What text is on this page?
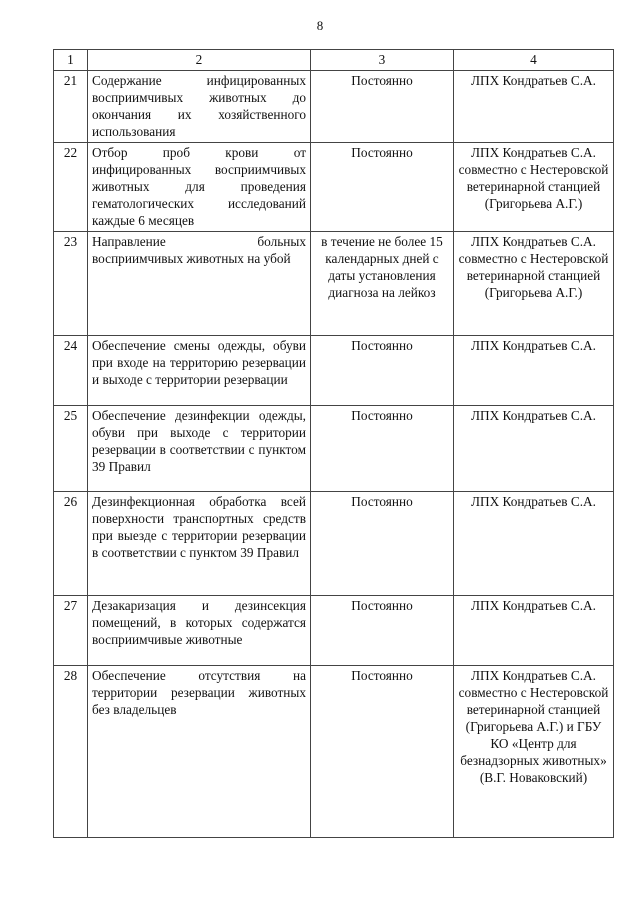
8
1	2	3	4
21	Содержание инфицированных восприимчивых животных до окончания их хозяйственного использования	Постоянно	ЛПХ Кондратьев С.А.
22	Отбор проб крови от инфицированных восприимчивых животных для проведения гематологических исследований каждые 6 месяцев	Постоянно	ЛПХ Кондратьев С.А. совместно с Нестеровской ветеринарной станцией (Григорьева А.Г.)
23	Направление больных восприимчивых животных на убой	в течение не более 15 календарных дней с даты установления диагноза на лейкоз	ЛПХ Кондратьев С.А. совместно с Нестеровской ветеринарной станцией (Григорьева А.Г.)
24	Обеспечение смены одежды, обуви при входе на территорию резервации и выходе с территории резервации	Постоянно	ЛПХ Кондратьев С.А.
25	Обеспечение дезинфекции одежды, обуви при выходе с территории резервации в соответствии с пунктом 39 Правил	Постоянно	ЛПХ Кондратьев С.А.
26	Дезинфекционная обработка всей поверхности транспортных средств при выезде с территории резервации в соответствии с пунктом 39 Правил	Постоянно	ЛПХ Кондратьев С.А.
27	Дезакаризация и дезинсекция помещений, в которых содержатся восприимчивые животные	Постоянно	ЛПХ Кондратьев С.А.
28	Обеспечение отсутствия на территории резервации животных без владельцев	Постоянно	ЛПХ Кондратьев С.А. совместно с Нестеровской ветеринарной станцией (Григорьева А.Г.) и ГБУ КО «Центр для безнадзорных животных» (В.Г. Новаковский)
